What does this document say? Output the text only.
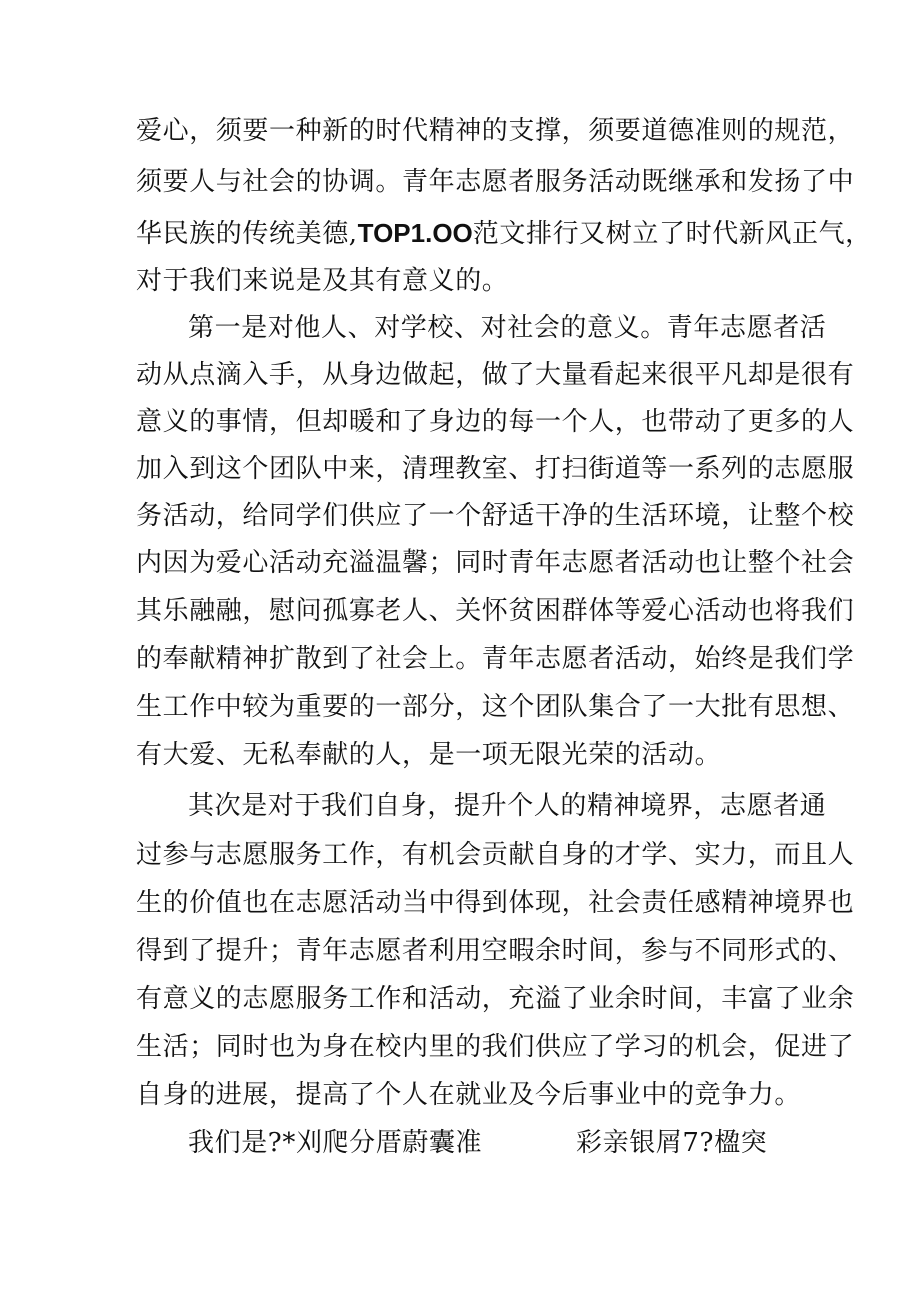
爱心，须要一种新的时代精神的支撑，须要道德准则的规范，
须要人与社会的协调。青年志愿者服务活动既继承和发扬了中
华民族的传统美德,TOP1.OO范文排行又树立了时代新风正气，
对于我们来说是及其有意义的。
第一是对他人、对学校、对社会的意义。青年志愿者活
动从点滴入手，从身边做起，做了大量看起来很平凡却是很有
意义的事情，但却暖和了身边的每一个人，也带动了更多的人
加入到这个团队中来，清理教室、打扫街道等一系列的志愿服
务活动，给同学们供应了一个舒适干净的生活环境，让整个校
内因为爱心活动充溢温馨；同时青年志愿者活动也让整个社会
其乐融融，慰问孤寡老人、关怀贫困群体等爱心活动也将我们
的奉献精神扩散到了社会上。青年志愿者活动，始终是我们学
生工作中较为重要的一部分，这个团队集合了一大批有思想、
有大爱、无私奉献的人，是一项无限光荣的活动。
其次是对于我们自身，提升个人的精神境界，志愿者通
过参与志愿服务工作，有机会贡献自身的才学、实力，而且人
生的价值也在志愿活动当中得到体现，社会责任感精神境界也
得到了提升；青年志愿者利用空暇余时间，参与不同形式的、
有意义的志愿服务工作和活动，充溢了业余时间，丰富了业余
生活；同时也为身在校内里的我们供应了学习的机会，促进了
自身的进展，提高了个人在就业及今后事业中的竞争力。
我们是?*刈爬分厝蔚囊准	彩亲银屑7?楹突
